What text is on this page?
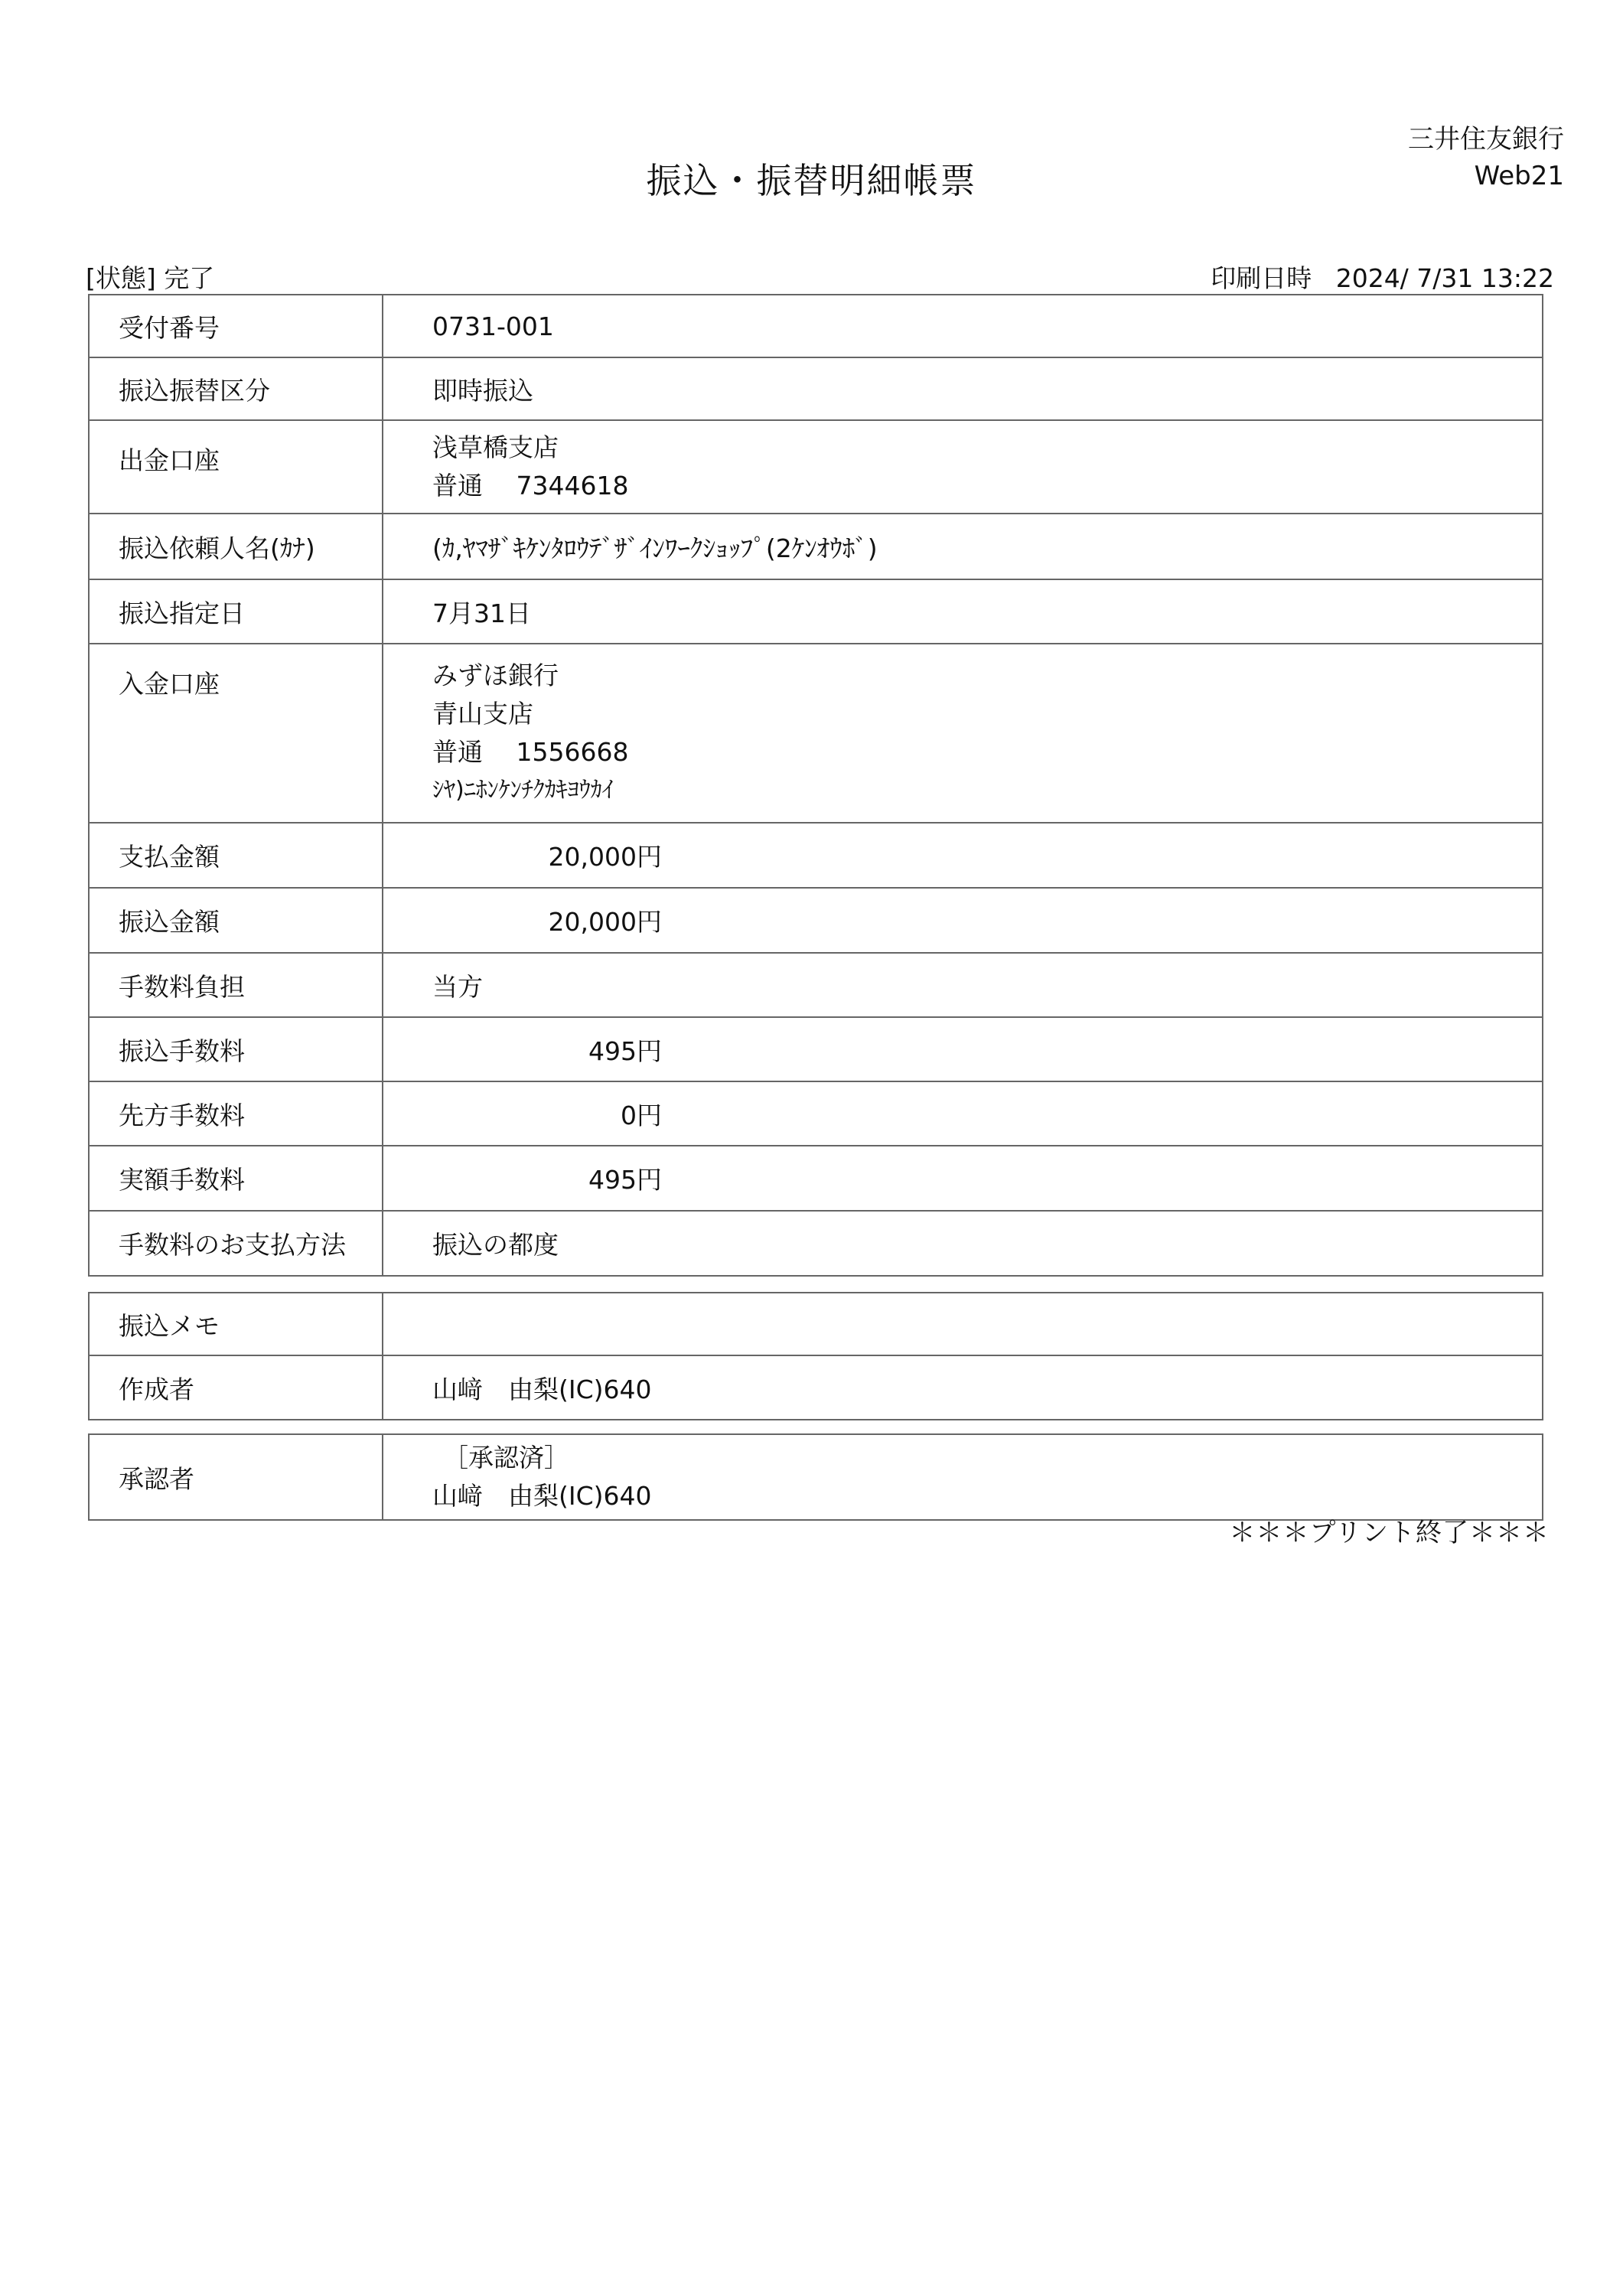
三井住友銀行
Web21
振込・振替明細帳票
[状態] 完了	印刷日時 2024/ 7/31 13:22
受付番号	0731-001
振込振替区分	即時振込
出金口座	浅草橋支店
普通　 7344618

振込依頼人名(ｶﾅ)	(ｶ,ﾔﾏｻﾞｷｹﾝﾀﾛｳﾃﾞｻﾞｲﾝﾜｰｸｼｮｯﾌﾟ(2ｹﾝｵｳﾎﾞ)
振込指定日	7月31日
入金口座	みずほ銀行
青山支店
普通　 1556668
ｼﾔ)ﾆﾎﾝｹﾝﾁｸｶｷﾖｳｶｲ

支払金額	20,000円
振込金額	20,000円
手数料負担	当方
振込手数料	495円
先方手数料	0円
実額手数料	495円
手数料のお支払方法	振込の都度
振込メモ	
作成者	山﨑　由梨(IC)640
承認者	
［承認済］
山﨑　由梨(IC)640
＊＊＊プリント終了＊＊＊
